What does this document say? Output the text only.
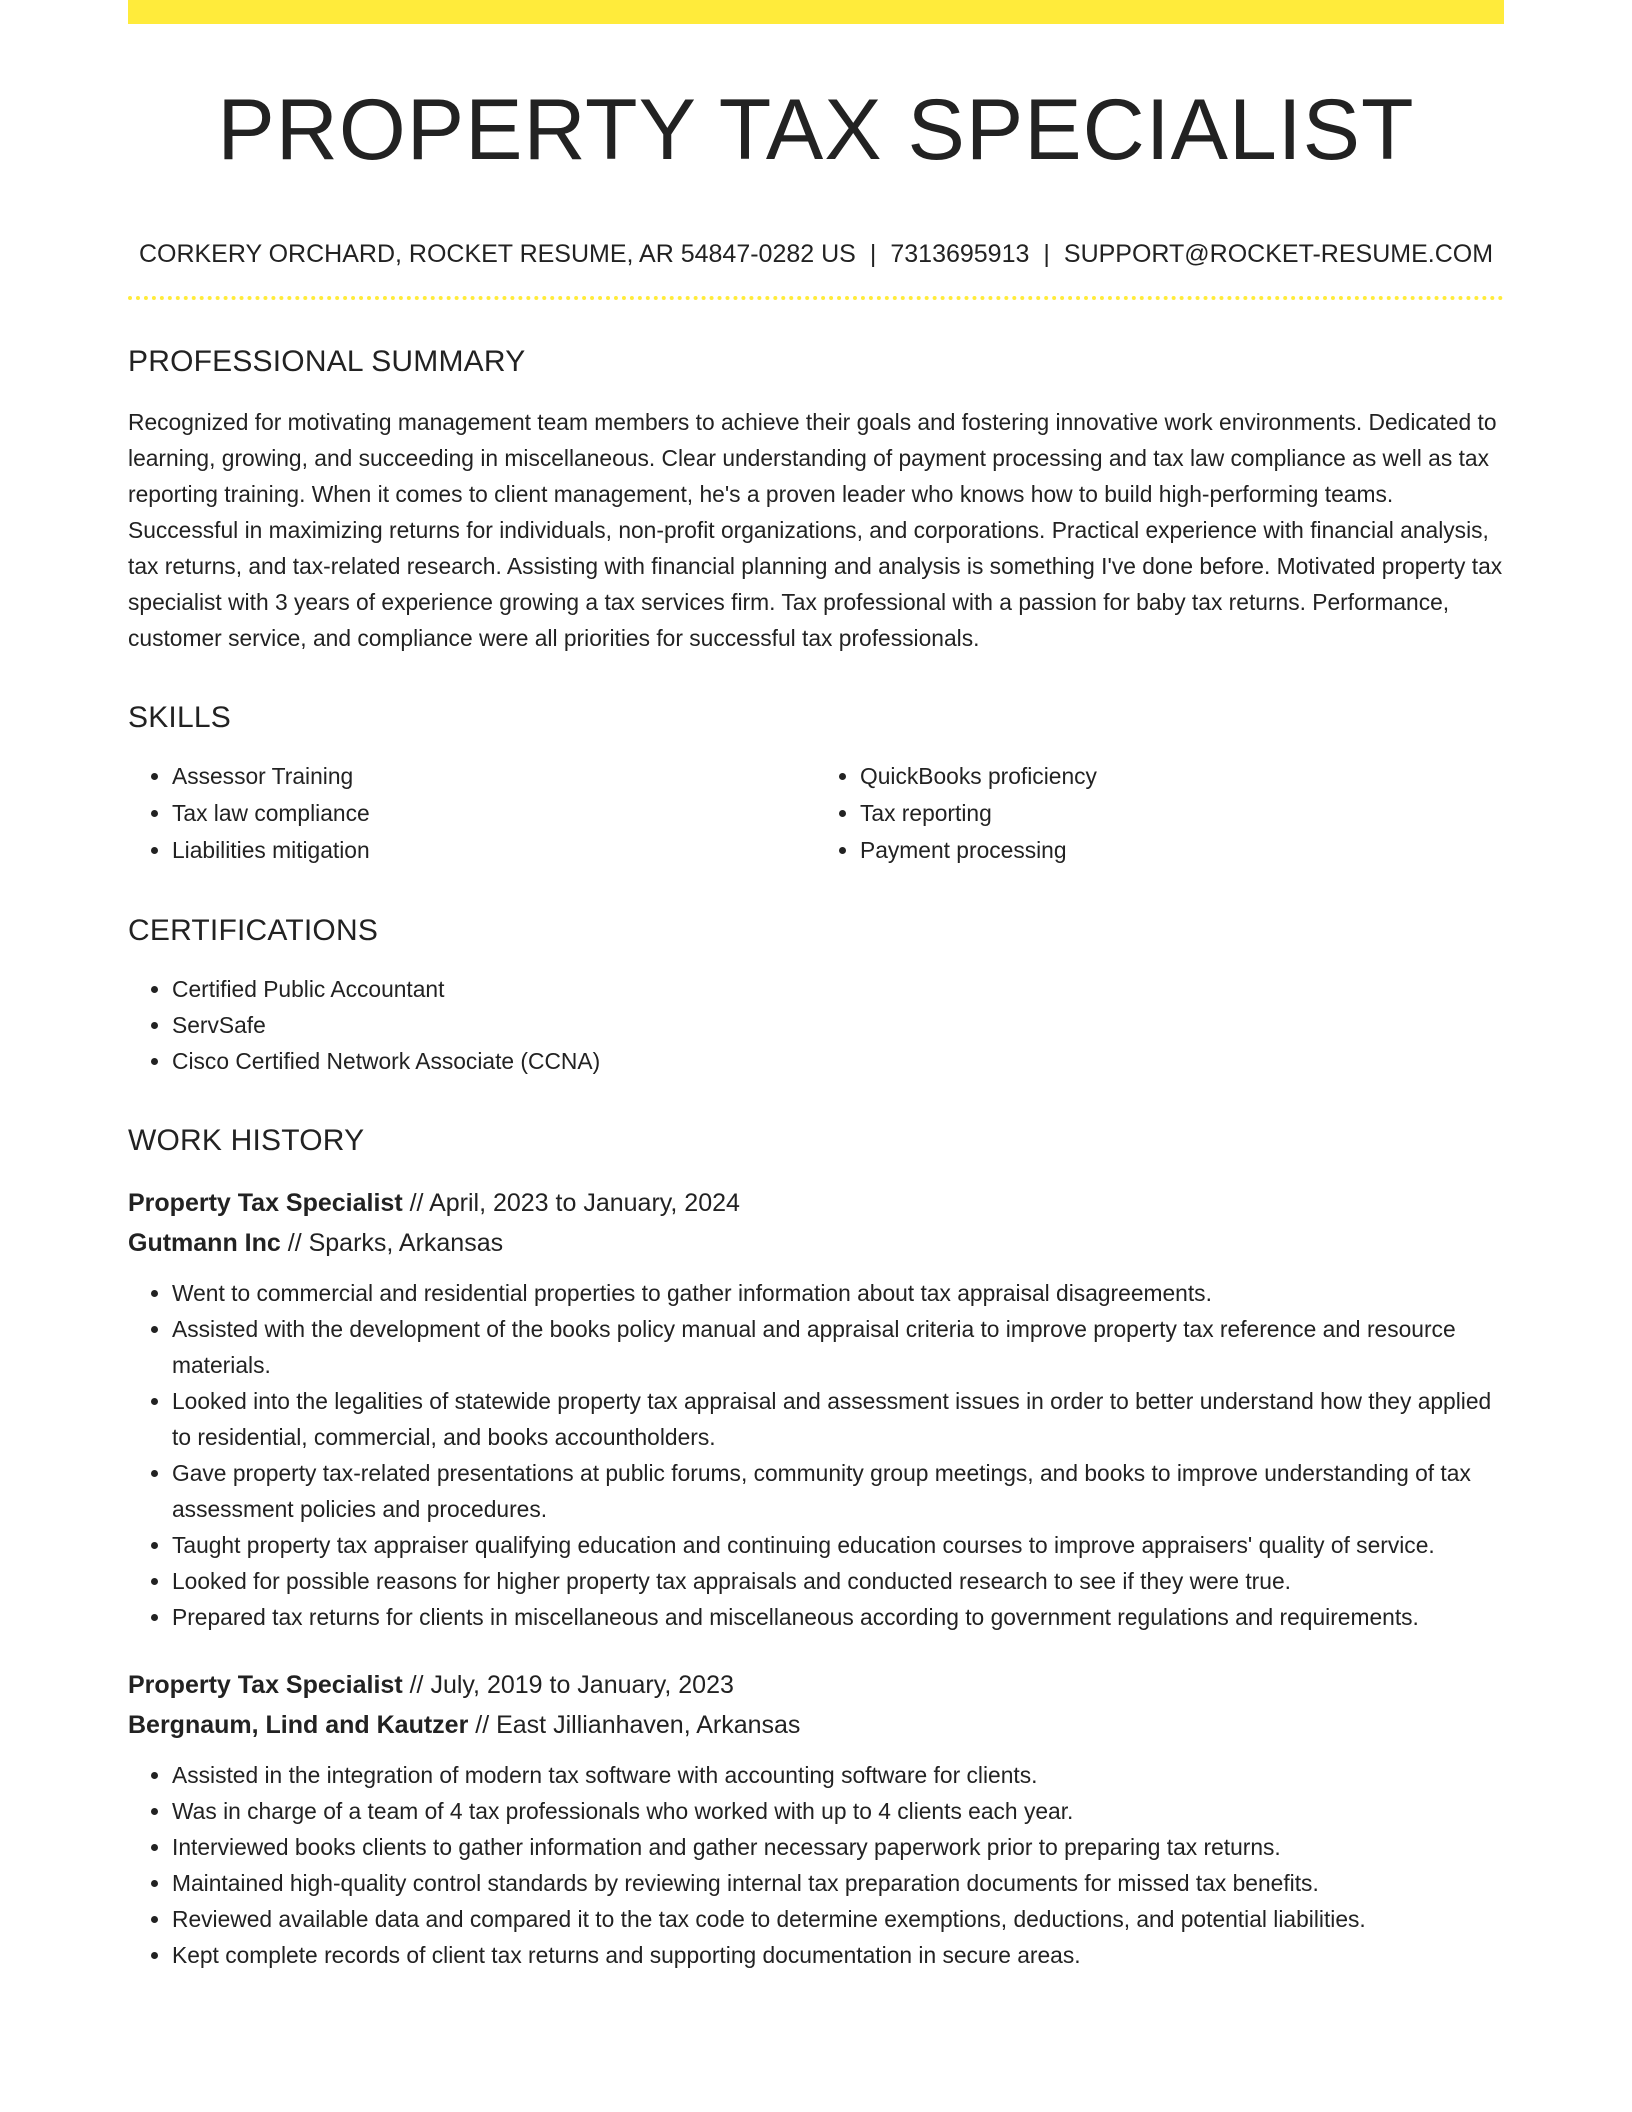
PROPERTY TAX SPECIALIST
CORKERY ORCHARD, ROCKET RESUME, AR 54847-0282 US | 7313695913 | SUPPORT@ROCKET-RESUME.COM
PROFESSIONAL SUMMARY

Recognized for motivating management team members to achieve their goals and fostering innovative work environments. Dedicated to learning, growing, and succeeding in miscellaneous. Clear understanding of payment processing and tax law compliance as well as tax reporting training. When it comes to client management, he's a proven leader who knows how to build high-performing teams. Successful in maximizing returns for individuals, non-profit organizations, and corporations. Practical experience with financial analysis, tax returns, and tax-related research. Assisting with financial planning and analysis is something I've done before. Motivated property tax specialist with 3 years of experience growing a tax services firm. Tax professional with a passion for baby tax returns. Performance, customer service, and compliance were all priorities for successful tax professionals.

SKILLS
• Assessor Training
• Tax law compliance
• Liabilities mitigation
• QuickBooks proficiency
• Tax reporting
• Payment processing
CERTIFICATIONS
• Certified Public Accountant
• ServSafe
• Cisco Certified Network Associate (CCNA)
WORK HISTORY
Property Tax Specialist // April, 2023 to January, 2024
Gutmann Inc // Sparks, Arkansas
• Went to commercial and residential properties to gather information about tax appraisal disagreements.
• Assisted with the development of the books policy manual and appraisal criteria to improve property tax reference and resource materials.
• Looked into the legalities of statewide property tax appraisal and assessment issues in order to better understand how they applied to residential, commercial, and books accountholders.
• Gave property tax-related presentations at public forums, community group meetings, and books to improve understanding of tax assessment policies and procedures.
• Taught property tax appraiser qualifying education and continuing education courses to improve appraisers' quality of service.
• Looked for possible reasons for higher property tax appraisals and conducted research to see if they were true.
• Prepared tax returns for clients in miscellaneous and miscellaneous according to government regulations and requirements.
Property Tax Specialist // July, 2019 to January, 2023
Bergnaum, Lind and Kautzer // East Jillianhaven, Arkansas
• Assisted in the integration of modern tax software with accounting software for clients.
• Was in charge of a team of 4 tax professionals who worked with up to 4 clients each year.
• Interviewed books clients to gather information and gather necessary paperwork prior to preparing tax returns.
• Maintained high-quality control standards by reviewing internal tax preparation documents for missed tax benefits.
• Reviewed available data and compared it to the tax code to determine exemptions, deductions, and potential liabilities.
• Kept complete records of client tax returns and supporting documentation in secure areas.
